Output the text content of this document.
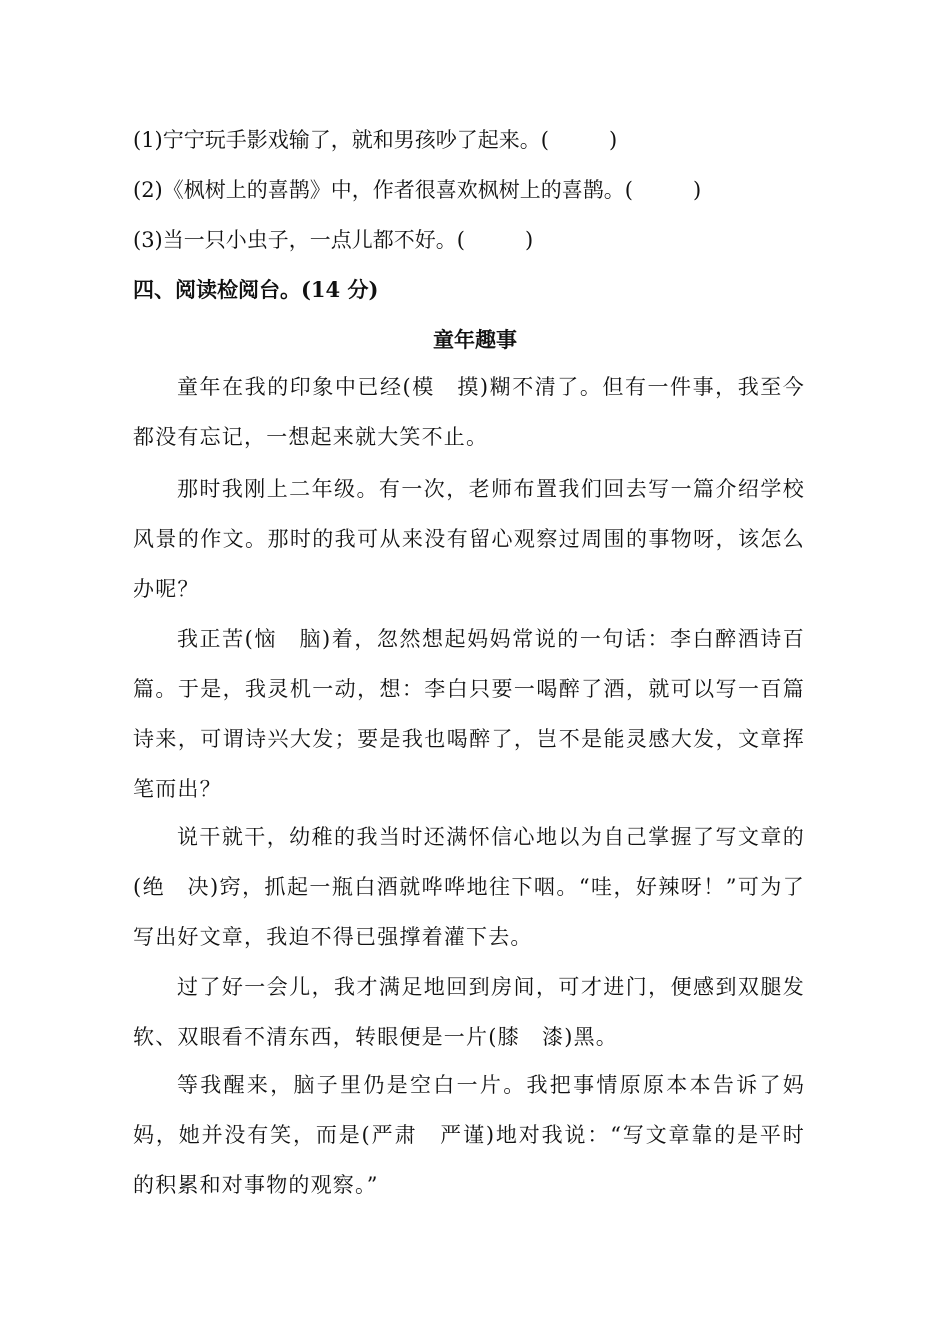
(1)宁宁玩手影戏输了，就和男孩吵了起来。(	)
(2)《枫树上的喜鹊》中，作者很喜欢枫树上的喜鹊。(	)
(3)当一只小虫子，一点儿都不好。(	)
四、阅读检阅台。(14 分)
童年趣事
童年在我的印象中已经(模　摸)糊不清了。但有一件事，我至今都没有忘记，一想起来就大笑不止。
那时我刚上二年级。有一次，老师布置我们回去写一篇介绍学校风景的作文。那时的我可从来没有留心观察过周围的事物呀，该怎么办呢？
我正苦(恼　脑)着，忽然想起妈妈常说的一句话：李白醉酒诗百篇。于是，我灵机一动，想：李白只要一喝醉了酒，就可以写一百篇诗来，可谓诗兴大发；要是我也喝醉了，岂不是能灵感大发，文章挥笔而出？
说干就干，幼稚的我当时还满怀信心地以为自己掌握了写文章的(绝　决)窍，抓起一瓶白酒就哗哗地往下咽。“哇，好辣呀！”可为了写出好文章，我迫不得已强撑着灌下去。
过了好一会儿，我才满足地回到房间，可才进门，便感到双腿发软、双眼看不清东西，转眼便是一片(膝　漆)黑。
等我醒来，脑子里仍是空白一片。我把事情原原本本告诉了妈妈，她并没有笑，而是(严肃　严谨)地对我说：“写文章靠的是平时的积累和对事物的观察。”
